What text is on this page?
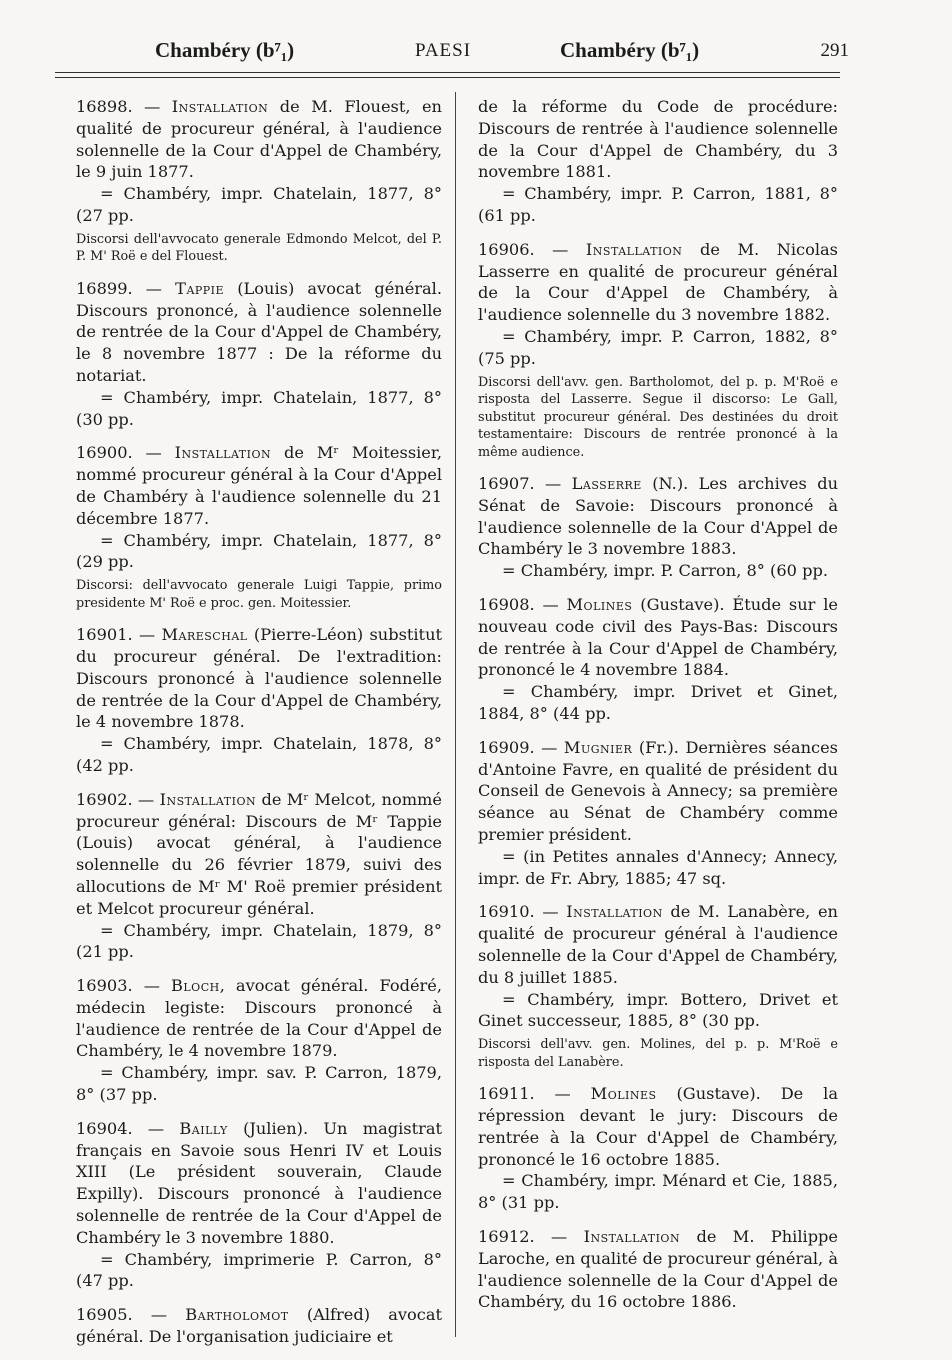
Chambéry (b⁷₁)	PAESI	Chambéry (b⁷₁)	291

16898. — Installation de M. Flouest, en qualité de procureur général, à l'audience solennelle de la Cour d'Appel de Chambéry, le 9 juin 1877.

= Chambéry, impr. Chatelain, 1877, 8° (27 pp.

Discorsi dell'avvocato generale Edmondo Melcot, del P. P. M' Roë e del Flouest.

16899. — Tappie (Louis) avocat général. Discours prononcé, à l'audience solennelle de rentrée de la Cour d'Appel de Chambéry, le 8 novembre 1877 : De la réforme du notariat.

= Chambéry, impr. Chatelain, 1877, 8° (30 pp.

16900. — Installation de Mʳ Moitessier, nommé procureur général à la Cour d'Appel de Chambéry à l'audience solennelle du 21 décembre 1877.

= Chambéry, impr. Chatelain, 1877, 8° (29 pp.

Discorsi: dell'avvocato generale Luigi Tappie, primo presidente M' Roë e proc. gen. Moitessier.

16901. — Mareschal (Pierre-Léon) substitut du procureur général. De l'extradition: Discours prononcé à l'audience solennelle de rentrée de la Cour d'Appel de Chambéry, le 4 novembre 1878.

= Chambéry, impr. Chatelain, 1878, 8° (42 pp.

16902. — Installation de Mʳ Melcot, nommé procureur général: Discours de Mʳ Tappie (Louis) avocat général, à l'audience solennelle du 26 février 1879, suivi des allocutions de Mʳ M' Roë premier président et Melcot procureur général.

= Chambéry, impr. Chatelain, 1879, 8° (21 pp.

16903. — Bloch, avocat général. Fodéré, médecin legiste: Discours prononcé à l'audience de rentrée de la Cour d'Appel de Chambéry, le 4 novembre 1879.

= Chambéry, impr. sav. P. Carron, 1879, 8° (37 pp.

16904. — Bailly (Julien). Un magistrat français en Savoie sous Henri IV et Louis XIII (Le président souverain, Claude Expilly). Discours prononcé à l'audience solennelle de rentrée de la Cour d'Appel de Chambéry le 3 novembre 1880.

= Chambéry, imprimerie P. Carron, 8° (47 pp.

16905. — Bartholomot (Alfred) avocat général. De l'organisation judiciaire et

de la réforme du Code de procédure: Discours de rentrée à l'audience solennelle de la Cour d'Appel de Chambéry, du 3 novembre 1881.

= Chambéry, impr. P. Carron, 1881, 8° (61 pp.

16906. — Installation de M. Nicolas Lasserre en qualité de procureur général de la Cour d'Appel de Chambéry, à l'audience solennelle du 3 novembre 1882.

= Chambéry, impr. P. Carron, 1882, 8° (75 pp.

Discorsi dell'avv. gen. Bartholomot, del p. p. M'Roë e risposta del Lasserre. Segue il discorso: Le Gall, substitut procureur général. Des destinées du droit testamentaire: Discours de rentrée prononcé à la même audience.

16907. — Lasserre (N.). Les archives du Sénat de Savoie: Discours prononcé à l'audience solennelle de la Cour d'Appel de Chambéry le 3 novembre 1883.

= Chambéry, impr. P. Carron, 8° (60 pp.

16908. — Molines (Gustave). Étude sur le nouveau code civil des Pays-Bas: Discours de rentrée à la Cour d'Appel de Chambéry, prononcé le 4 novembre 1884.

= Chambéry, impr. Drivet et Ginet, 1884, 8° (44 pp.

16909. — Mugnier (Fr.). Dernières séances d'Antoine Favre, en qualité de président du Conseil de Genevois à Annecy; sa première séance au Sénat de Chambéry comme premier président.

= (in Petites annales d'Annecy; Annecy, impr. de Fr. Abry, 1885; 47 sq.

16910. — Installation de M. Lanabère, en qualité de procureur général à l'audience solennelle de la Cour d'Appel de Chambéry, du 8 juillet 1885.

= Chambéry, impr. Bottero, Drivet et Ginet successeur, 1885, 8° (30 pp.

Discorsi dell'avv. gen. Molines, del p. p. M'Roë e risposta del Lanabère.

16911. — Molines (Gustave). De la répression devant le jury: Discours de rentrée à la Cour d'Appel de Chambéry, prononcé le 16 octobre 1885.

= Chambéry, impr. Ménard et Cie, 1885, 8° (31 pp.

16912. — Installation de M. Philippe Laroche, en qualité de procureur général, à l'audience solennelle de la Cour d'Appel de Chambéry, du 16 octobre 1886.
